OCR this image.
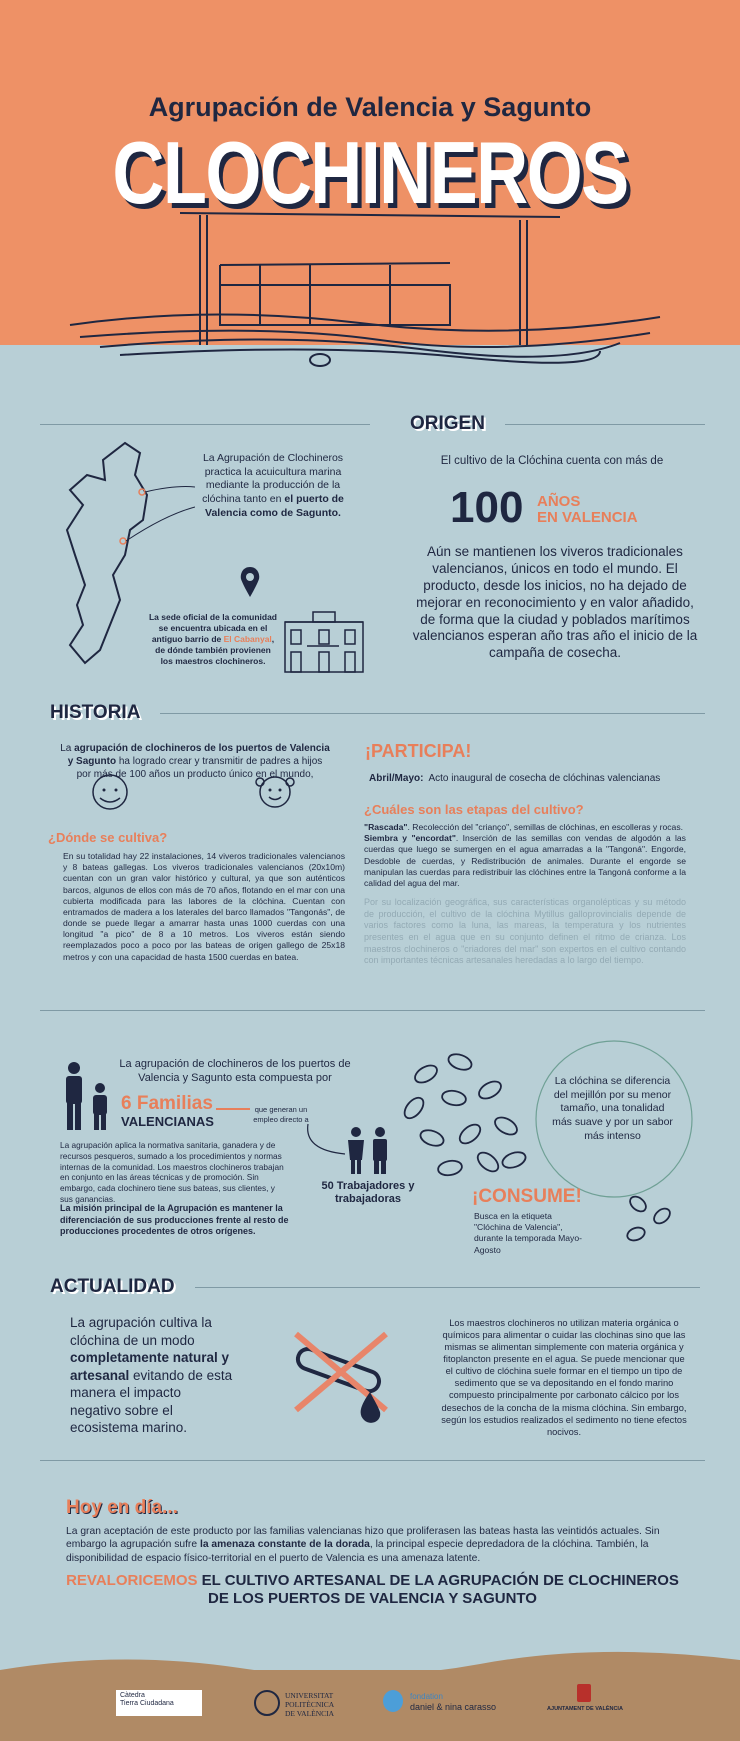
Agrupación de Valencia y Sagunto
CLOCHINEROS
ORIGEN
La Agrupación de Clochineros practica la acuicultura marina mediante la producción de la clóchina tanto en el puerto de Valencia como de Sagunto.
La sede oficial de la comunidad se encuentra ubicada en el antiguo barrio de El Cabanyal, de dónde también provienen los maestros clochineros.
El cultivo de la Clóchina cuenta con más de
100 AÑOS
EN VALENCIA
Aún se mantienen los viveros tradicionales valencianos, únicos en todo el mundo. El producto, desde los inicios, no ha dejado de mejorar en reconocimiento y en valor añadido, de forma que la ciudad y poblados marítimos valencianos esperan año tras año el inicio de la campaña de cosecha.
HISTORIA
La agrupación de clochineros de los puertos de Valencia y Sagunto ha logrado crear y transmitir de padres a hijos por más de 100 años un producto único en el mundo,
¿Dónde se cultiva?
En su totalidad hay 22 instalaciones, 14 viveros tradicionales valencianos y 8 bateas gallegas. Los viveros tradicionales valencianos (20x10m) cuentan con un gran valor histórico y cultural, ya que son auténticos barcos, algunos de ellos con más de 70 años, flotando en el mar con una cubierta modificada para las labores de la clóchina. Cuentan con entramados de madera a los laterales del barco llamados "Tangonás", de donde se puede llegar a amarrar hasta unas 1000 cuerdas con una longitud "a pico" de 8 a 10 metros. Los viveros están siendo reemplazados poco a poco por las bateas de origen gallego de 25x18 metros y con una capacidad de hasta 1500 cuerdas en batea.
¡PARTICIPA!
Abril/Mayo: Acto inaugural de cosecha de clóchinas valencianas
¿Cuáles son las etapas del cultivo?
"Rascada". Recolección del "crianço", semillas de clóchinas, en escolleras y rocas.
Siembra y "encordat". Inserción de las semillas con vendas de algodón a las cuerdas que luego se sumergen en el agua amarradas a la "Tangoná". Engorde, Desdoble de cuerdas, y Redistribución de animales. Durante el engorde se manipulan las cuerdas para redistribuir las clóchines entre la Tangoná conforme a la calidad del agua del mar.
Por su localización geográfica, sus características organolépticas y su método de producción, el cultivo de la clóchina Mytillus galloprovincialis depende de varios factores como la luna, las mareas, la temperatura y los nutrientes presentes en el agua que en su conjunto definen el ritmo de crianza. Los maestros clochineros o "criadores del mar" son expertos en el cultivo contando con importantes técnicas artesanales heredadas a lo largo del tiempo.
La agrupación de clochineros de los puertos de Valencia y Sagunto esta compuesta por
6 Familias
VALENCIANAS
que generan un empleo directo a
50 Trabajadores y trabajadoras
La agrupación aplica la normativa sanitaria, ganadera y de recursos pesqueros, sumado a los procedimientos y normas internas de la comunidad. Los maestros clochineros trabajan en conjunto en las áreas técnicas y de promoción. Sin embargo, cada clochinero tiene sus bateas, sus clientes, y sus ganancias.
La misión principal de la Agrupación es mantener la diferenciación de sus producciones frente al resto de producciones procedentes de otros orígenes.
La clóchina se diferencia del mejillón por su menor tamaño, una tonalidad más suave y por un sabor más intenso
¡CONSUME!
Busca en la etiqueta "Clóchina de Valencia", durante la temporada Mayo-Agosto
ACTUALIDAD
La agrupación cultiva la clóchina de un modo completamente natural y artesanal evitando de esta manera el impacto negativo sobre el ecosistema marino.
Los maestros clochineros no utilizan materia orgánica o químicos para alimentar o cuidar las clochinas sino que las mismas se alimentan simplemente con materia orgánica y fitoplancton presente en el agua. Se puede mencionar que el cultivo de clóchina suele formar en el tiempo un tipo de sedimento que se va depositando en el fondo marino compuesto principalmente por carbonato cálcico por los desechos de la concha de la misma clóchina. Sin embargo, según los estudios realizados el sedimento no tiene efectos nocivos.
Hoy en día...
La gran aceptación de este producto por las familias valencianas hizo que proliferasen las bateas hasta las veintidós actuales. Sin embargo la agrupación sufre la amenaza constante de la dorada, la principal especie depredadora de la clóchina. También, la disponibilidad de espacio físico-territorial en el puerto de Valencia es una amenaza latente.
REVALORICEMOS EL CULTIVO ARTESANAL DE LA AGRUPACIÓN DE CLOCHINEROS
DE LOS PUERTOS DE VALENCIA Y SAGUNTO
Càtedra
Tierra Ciudadana
UNIVERSITAT
POLITÈCNICA
DE VALÈNCIA
fondation
daniel & nina carasso	AJUNTAMENT DE VALÈNCIA
